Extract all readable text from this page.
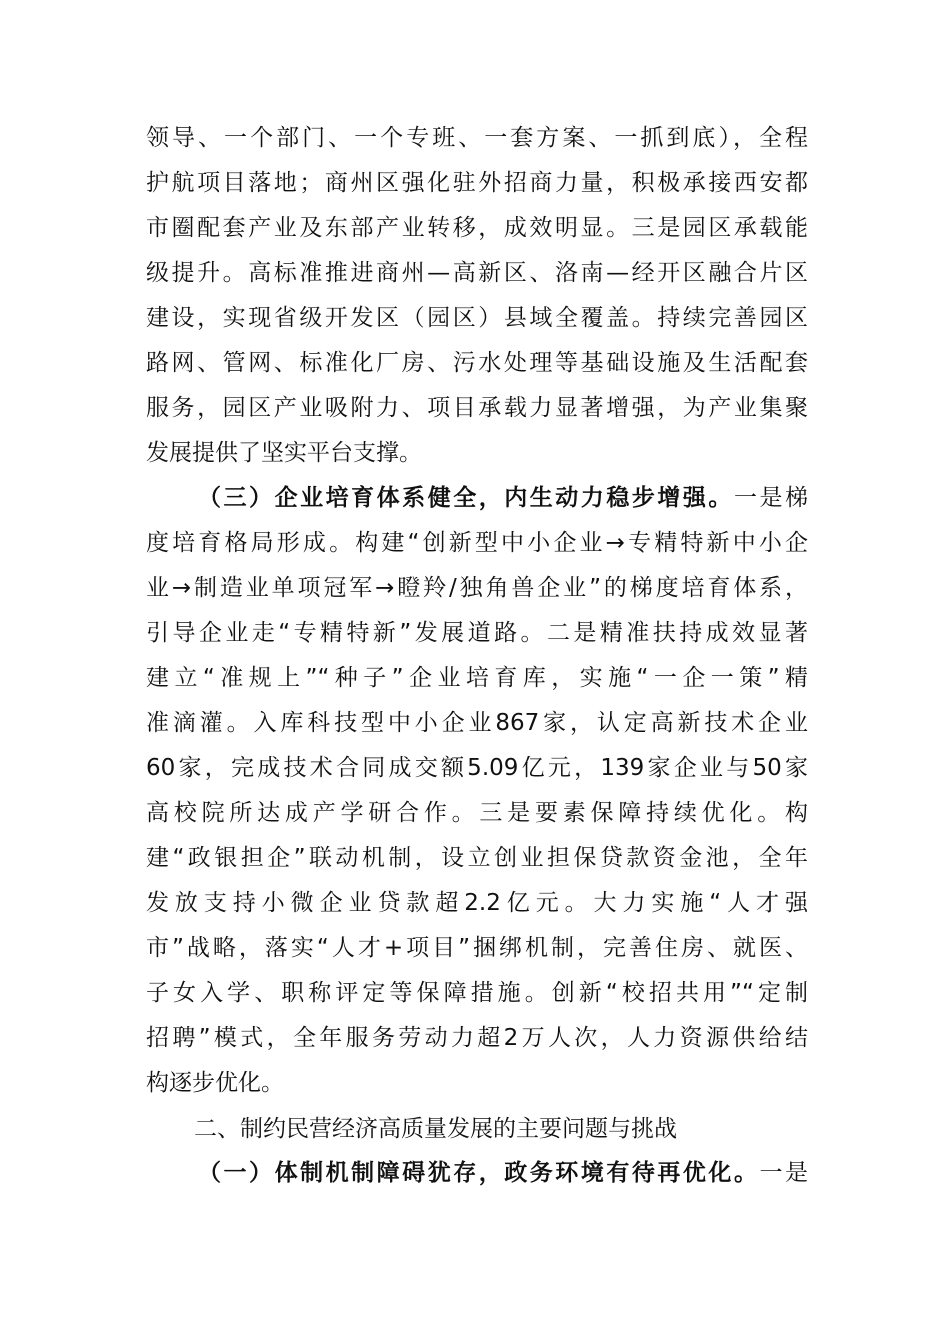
领导、一个部门、一个专班、一套方案、一抓到底），全程
护航项目落地；商州区强化驻外招商力量，积极承接西安都
市圈配套产业及东部产业转移，成效明显。三是园区承载能
级提升。高标准推进商州—高新区、洛南—经开区融合片区
建设，实现省级开发区（园区）县域全覆盖。持续完善园区
路网、管网、标准化厂房、污水处理等基础设施及生活配套
服务，园区产业吸附力、项目承载力显著增强，为产业集聚
发展提供了坚实平台支撑。
（三）企业培育体系健全，内生动力稳步增强。一是梯
度培育格局形成。构建“创新型中小企业→专精特新中小企
业→制造业单项冠军→瞪羚/独角兽企业”的梯度培育体系，
引导企业走“专精特新”发展道路。二是精准扶持成效显著
建立“准规上”“种子”企业培育库，实施“一企一策”精
准滴灌。入库科技型中小企业867家，认定高新技术企业
60家，完成技术合同成交额5.09亿元，139家企业与50家
高校院所达成产学研合作。三是要素保障持续优化。构
建“政银担企”联动机制，设立创业担保贷款资金池，全年
发放支持小微企业贷款超2.2亿元。大力实施“人才强
市”战略，落实“人才+项目”捆绑机制，完善住房、就医、
子女入学、职称评定等保障措施。创新“校招共用”“定制
招聘”模式，全年服务劳动力超2万人次，人力资源供给结
构逐步优化。
二、制约民营经济高质量发展的主要问题与挑战
（一）体制机制障碍犹存，政务环境有待再优化。一是
